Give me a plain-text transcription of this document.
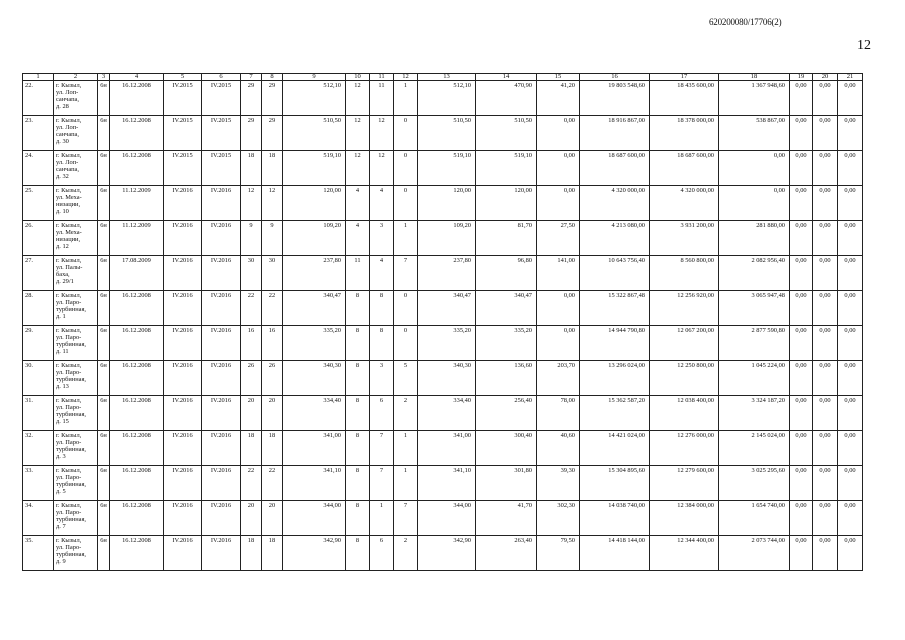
620200080/17706(2)
12
1	2	3	4	5	6	7	8	9	10	11	12	13	14	15	16	17	18	19	20	21
22.	г. Кызыл,
ул. Лоп-
санчапа,
д. 28	6н	16.12.2008	IV.2015	IV.2015	29	29	512,10	12	11	1	512,10	470,90	41,20	19 803 548,60	18 435 600,00	1 367 948,60	0,00	0,00	0,00
23.	г. Кызыл,
ул. Лоп-
санчапа,
д. 30	6н	16.12.2008	IV.2015	IV.2015	29	29	510,50	12	12	0	510,50	510,50	0,00	18 916 867,00	18 378 000,00	538 867,00	0,00	0,00	0,00
24.	г. Кызыл,
ул. Лоп-
санчапа,
д. 32	6н	16.12.2008	IV.2015	IV.2015	18	18	519,10	12	12	0	519,10	519,10	0,00	18 687 600,00	18 687 600,00	0,00	0,00	0,00	0,00
25.	г. Кызыл,
ул. Меха-
низации,
д. 10	6н	11.12.2009	IV.2016	IV.2016	12	12	120,00	4	4	0	120,00	120,00	0,00	4 320 000,00	4 320 000,00	0,00	0,00	0,00	0,00
26.	г. Кызыл,
ул. Меха-
низации,
д. 12	6н	11.12.2009	IV.2016	IV.2016	9	9	109,20	4	3	1	109,20	81,70	27,50	4 213 080,00	3 931 200,00	281 880,00	0,00	0,00	0,00
27.	г. Кызыл,
ул. Палы-
баха,
д. 29/1	6н	17.08.2009	IV.2016	IV.2016	30	30	237,80	11	4	7	237,80	96,80	141,00	10 643 756,40	8 560 800,00	2 082 956,40	0,00	0,00	0,00
28.	г. Кызыл,
ул. Паро-
турбинная,
д. 1	6н	16.12.2008	IV.2016	IV.2016	22	22	340,47	8	8	0	340,47	340,47	0,00	15 322 867,48	12 256 920,00	3 065 947,48	0,00	0,00	0,00
29.	г. Кызыл,
ул. Паро-
турбинная,
д. 11	6н	16.12.2008	IV.2016	IV.2016	16	16	335,20	8	8	0	335,20	335,20	0,00	14 944 790,80	12 067 200,00	2 877 590,80	0,00	0,00	0,00
30.	г. Кызыл,
ул. Паро-
турбинная,
д. 13	6н	16.12.2008	IV.2016	IV.2016	26	26	340,30	8	3	5	340,30	136,60	203,70	13 296 024,00	12 250 800,00	1 045 224,00	0,00	0,00	0,00
31.	г. Кызыл,
ул. Паро-
турбинная,
д. 15	6н	16.12.2008	IV.2016	IV.2016	20	20	334,40	8	6	2	334,40	256,40	78,00	15 362 587,20	12 038 400,00	3 324 187,20	0,00	0,00	0,00
32.	г. Кызыл,
ул. Паро-
турбинная,
д. 3	6н	16.12.2008	IV.2016	IV.2016	18	18	341,00	8	7	1	341,00	300,40	40,60	14 421 024,00	12 276 000,00	2 145 024,00	0,00	0,00	0,00
33.	г. Кызыл,
ул. Паро-
турбинная,
д. 5	6н	16.12.2008	IV.2016	IV.2016	22	22	341,10	8	7	1	341,10	301,80	39,30	15 304 895,60	12 279 600,00	3 025 295,60	0,00	0,00	0,00
34.	г. Кызыл,
ул. Паро-
турбинная,
д. 7	6н	16.12.2008	IV.2016	IV.2016	20	20	344,00	8	1	7	344,00	41,70	302,30	14 038 740,00	12 384 000,00	1 654 740,00	0,00	0,00	0,00
35.	г. Кызыл,
ул. Паро-
турбинная,
д. 9	6н	16.12.2008	IV.2016	IV.2016	18	18	342,90	8	6	2	342,90	263,40	79,50	14 418 144,00	12 344 400,00	2 073 744,00	0,00	0,00	0,00
